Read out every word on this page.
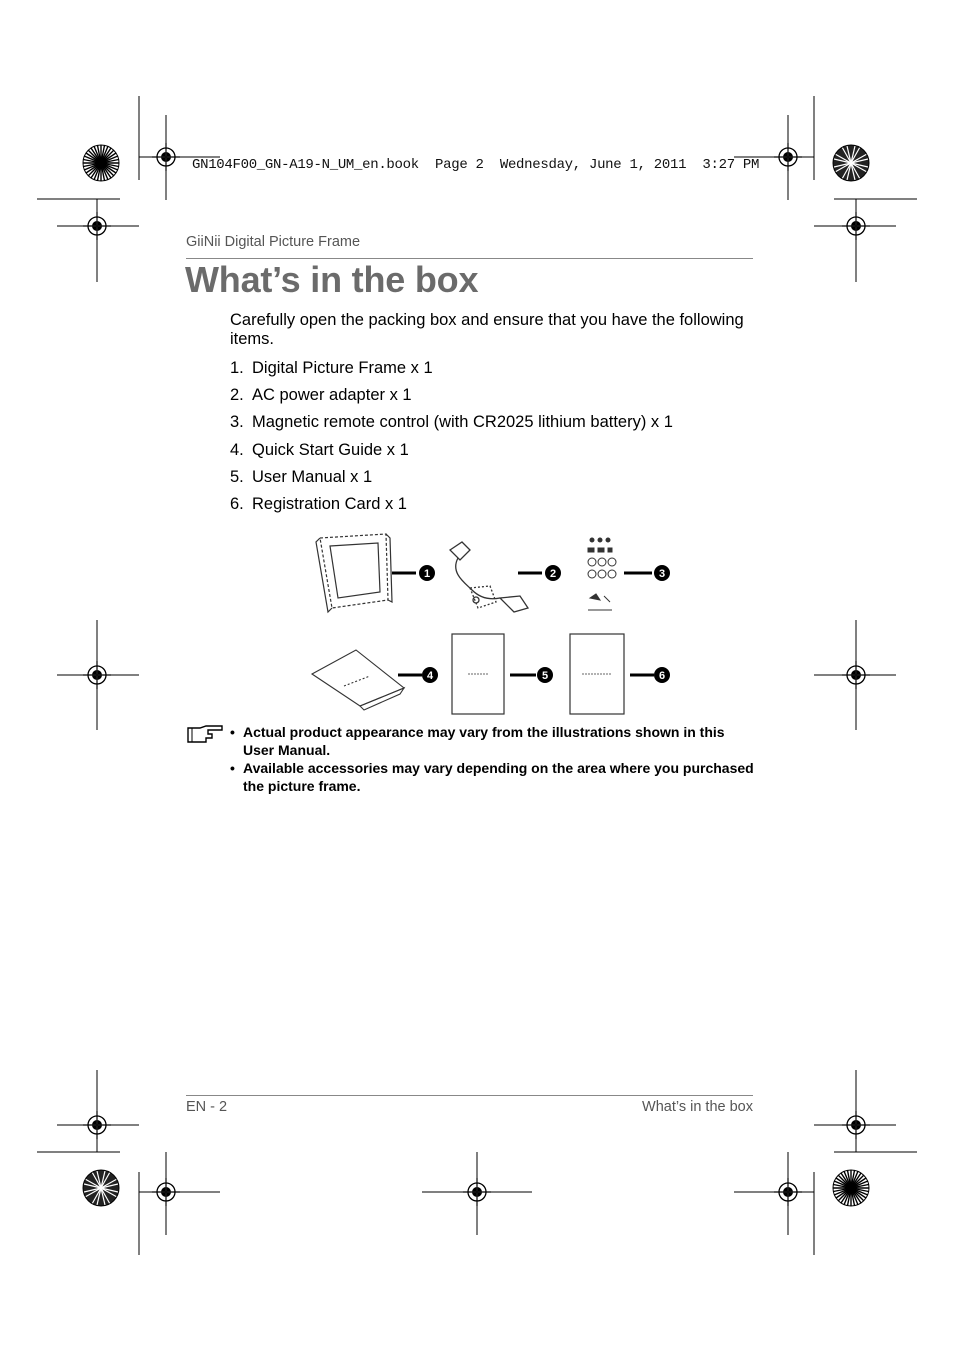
GN104F00_GN-A19-N_UM_en.book Page 2 Wednesday, June 1, 2011 3:27 PM
GiiNii Digital Picture Frame
What’s in the box

Carefully open the packing box and ensure that you have the following items.

1. Digital Picture Frame x 1
2. AC power adapter x 1
3. Magnetic remote control (with CR2025 lithium battery) x 1
4. Quick Start Guide x 1
5. User Manual x 1
6. Registration Card x 1
1	2	3
4	5	6
• Actual product appearance may vary from the illustrations shown in this User Manual.
• Available accessories may vary depending on the area where you purchased the picture frame.
EN - 2	What’s in the box
